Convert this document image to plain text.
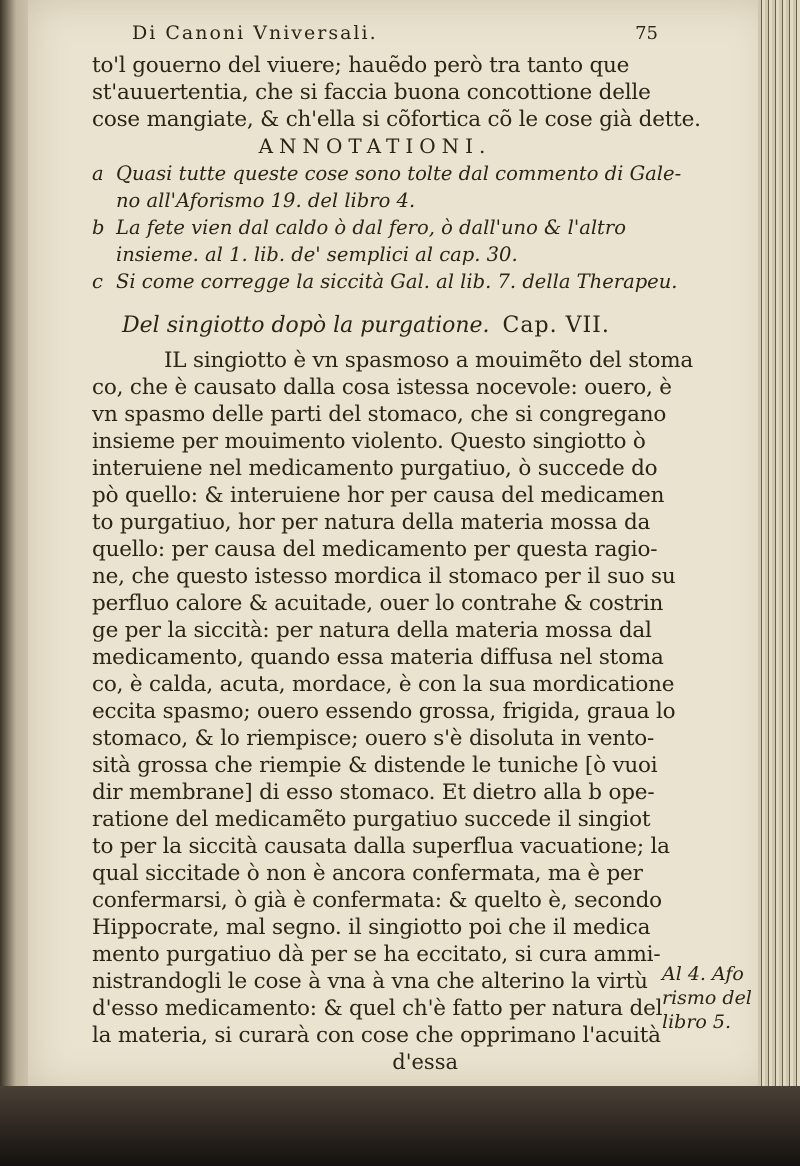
Di Canoni Vniversali.	75
to'l gouerno del viuere; hauẽdo però tra tanto que
st'auuertentia, che si faccia buona concottione delle
cose mangiate, & ch'ella si cõfortica cõ le cose già dette.
ANNOTATIONI.
a Quasi tutte queste cose sono tolte dal commento di Gale-
no all'Aforismo 19. del libro 4.
b La fete vien dal caldo ò dal fero, ò dall'uno & l'altro
insieme. al 1. lib. de' semplici al cap. 30.
c Si come corregge la siccità Gal. al lib. 7. della Therapeu.
Del singiotto dopò la purgatione. Cap. VII.
IL singiotto è vn spasmoso a mouimẽto del stoma
co, che è causato dalla cosa istessa nocevole: ouero, è
vn spasmo delle parti del stomaco, che si congregano
insieme per mouimento violento. Questo singiotto ò
interuiene nel medicamento purgatiuo, ò succede do
pò quello: & interuiene hor per causa del medicamen
to purgatiuo, hor per natura della materia mossa da
quello: per causa del medicamento per questa ragio-
ne, che questo istesso mordica il stomaco per il suo su
perfluo calore & acuitade, ouer lo contrahe & costrin
ge per la siccità: per natura della materia mossa dal
medicamento, quando essa materia diffusa nel stoma
co, è calda, acuta, mordace, è con la sua mordicatione
eccita spasmo; ouero essendo grossa, frigida, graua lo
stomaco, & lo riempisce; ouero s'è disoluta in vento-
sità grossa che riempie & distende le tuniche [ò vuoi
dir membrane] di esso stomaco. Et dietro alla b ope-
ratione del medicamẽto purgatiuo succede il singiot
to per la siccità causata dalla superflua vacuatione; la
qual siccitade ò non è ancora confermata, ma è per
confermarsi, ò già è confermata: & quelto è, secondo
Hippocrate, mal segno. il singiotto poi che il medica
mento purgatiuo dà per se ha eccitato, si cura ammi-
nistrandogli le cose à vna à vna che alterino la virtù
d'esso medicamento: & quel ch'è fatto per natura del
la materia, si curarà con cose che opprimano l'acuità
d'essa
Al 4. Afo
rismo del
libro 5.
